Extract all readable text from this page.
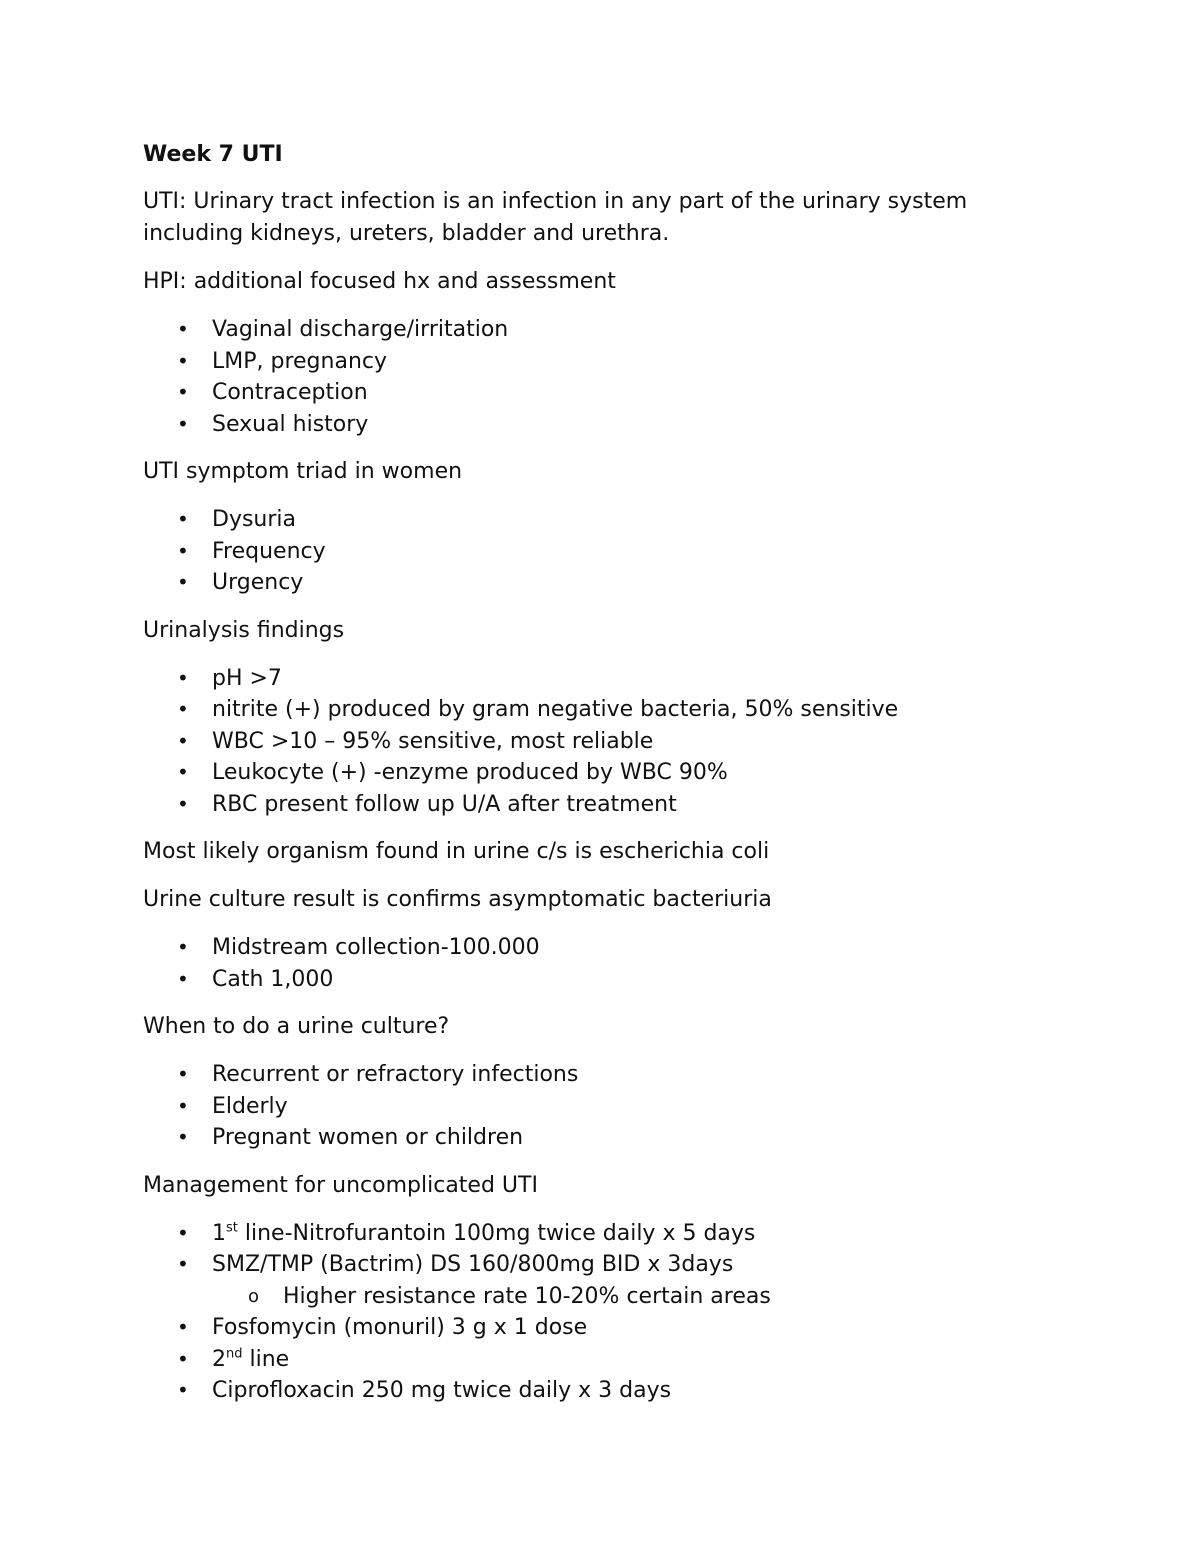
Week 7 UTI
UTI: Urinary tract infection is an infection in any part of the urinary system including kidneys, ureters, bladder and urethra.
HPI: additional focused hx and assessment
• Vaginal discharge/irritation
• LMP, pregnancy
• Contraception
• Sexual history
UTI symptom triad in women
• Dysuria
• Frequency
• Urgency
Urinalysis findings
• pH >7
• nitrite (+) produced by gram negative bacteria, 50% sensitive
• WBC >10 – 95% sensitive, most reliable
• Leukocyte (+) -enzyme produced by WBC 90%
• RBC present follow up U/A after treatment
Most likely organism found in urine c/s is escherichia coli
Urine culture result is confirms asymptomatic bacteriuria
• Midstream collection-100.000
• Cath 1,000
When to do a urine culture?
• Recurrent or refractory infections
• Elderly
• Pregnant women or children
Management for uncomplicated UTI
• 1st line-Nitrofurantoin 100mg twice daily x 5 days
• SMZ/TMP (Bactrim) DS 160/800mg BID x 3days
o Higher resistance rate 10-20% certain areas
• Fosfomycin (monuril) 3 g x 1 dose
• 2nd line
• Ciprofloxacin 250 mg twice daily x 3 days
